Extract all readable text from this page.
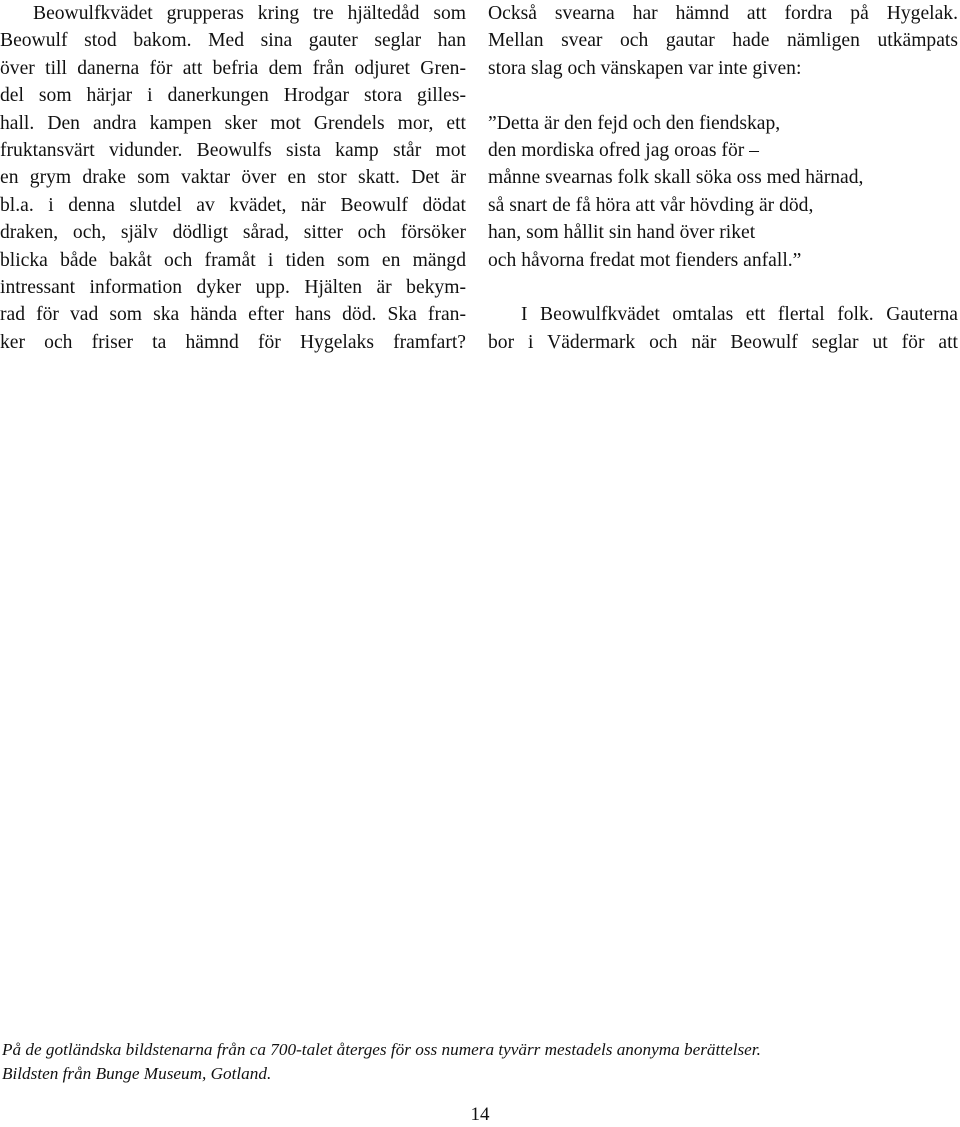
Beowulfkvädet grupperas kring tre hjältedåd som
Beowulf stod bakom. Med sina gauter seglar han
över till danerna för att befria dem från odjuret Gren-
del som härjar i danerkungen Hrodgar stora gilles-
hall. Den andra kampen sker mot Grendels mor, ett
fruktansvärt vidunder. Beowulfs sista kamp står mot
en grym drake som vaktar över en stor skatt. Det är
bl.a. i denna slutdel av kvädet, när Beowulf dödat
draken, och, själv dödligt sårad, sitter och försöker
blicka både bakåt och framåt i tiden som en mängd
intressant information dyker upp. Hjälten är bekym-
rad för vad som ska hända efter hans död. Ska fran-
ker och friser ta hämnd för Hygelaks framfart?
Också svearna har hämnd att fordra på Hygelak.
Mellan svear och gautar hade nämligen utkämpats
stora slag och vänskapen var inte given:
”Detta är den fejd och den fiendskap,
den mordiska ofred jag oroas för –
månne svearnas folk skall söka oss med härnad,
så snart de få höra att vår hövding är död,
han, som hållit sin hand över riket
och håvorna fredat mot fienders anfall.”
I Beowulfkvädet omtalas ett flertal folk. Gauterna
bor i Vädermark och när Beowulf seglar ut för att
På de gotländska bildstenarna från ca 700-talet återges för oss numera tyvärr mestadels anonyma berättelser.
Bildsten från Bunge Museum, Gotland.
14
